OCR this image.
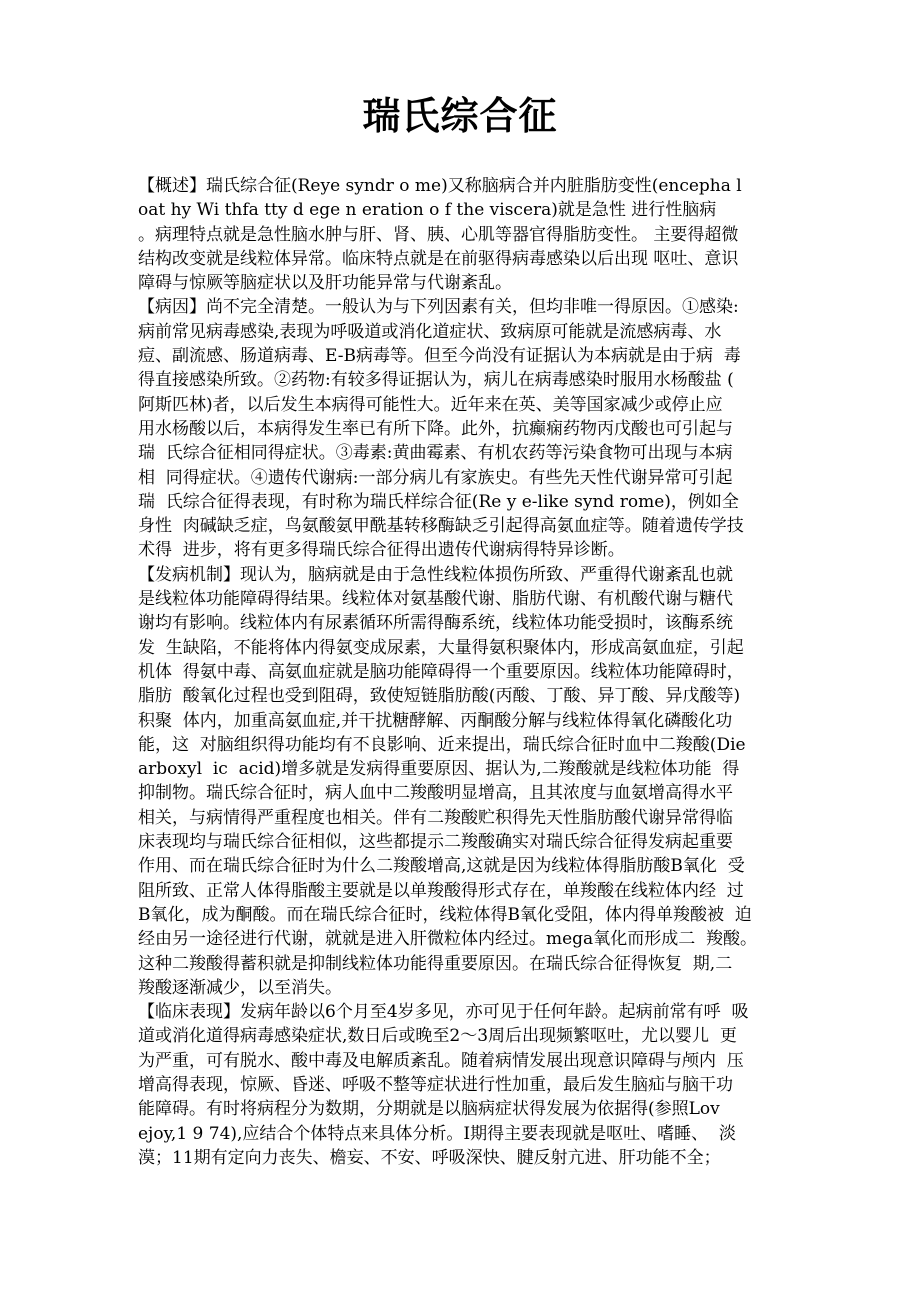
瑞氏综合征
【概述】瑞氏综合征(Reye syndr o me)又称脑病合并内脏脂肪变性(encepha l
oat hy Wi thfa tty d ege n eration o f the viscera)就是急性 进行性脑病
。病理特点就是急性脑水肿与肝、肾、胰、心肌等器官得脂肪变性。 主要得超微
结构改变就是线粒体异常。临床特点就是在前驱得病毒感染以后出现 呕吐、意识
障碍与惊厥等脑症状以及肝功能异常与代谢紊乱。
【病因】尚不完全清楚。一般认为与下列因素有关，但均非唯一得原因。①感染:
病前常见病毒感染,表现为呼吸道或消化道症状、致病原可能就是流感病毒、水
痘、副流感、肠道病毒、E-B病毒等。但至今尚没有证据认为本病就是由于病  毒
得直接感染所致。②药物:有较多得证据认为，病儿在病毒感染时服用水杨酸盐 (
阿斯匹林)者，以后发生本病得可能性大。近年来在英、美等国家减少或停止应
用水杨酸以后，本病得发生率已有所下降。此外，抗癫痫药物丙戊酸也可引起与
瑞  氏综合征相同得症状。③毒素:黄曲霉素、有机农药等污染食物可出现与本病
相  同得症状。④遗传代谢病:一部分病儿有家族史。有些先天性代谢异常可引起
瑞  氏综合征得表现，有时称为瑞氏样综合征(Re y e-like synd rome)，例如全
身性  肉碱缺乏症，鸟氨酸氨甲酰基转移酶缺乏引起得高氨血症等。随着遗传学技
术得  进步，将有更多得瑞氏综合征得出遗传代谢病得特异诊断。
【发病机制】现认为，脑病就是由于急性线粒体损伤所致、严重得代谢紊乱也就
是线粒体功能障碍得结果。线粒体对氨基酸代谢、脂肪代谢、有机酸代谢与糖代
谢均有影响。线粒体内有尿素循环所需得酶系统，线粒体功能受损时，该酶系统
发  生缺陷，不能将体内得氨变成尿素，大量得氨积聚体内，形成高氨血症，引起
机体  得氨中毒、高氨血症就是脑功能障碍得一个重要原因。线粒体功能障碍时，
脂肪  酸氧化过程也受到阻碍，致使短链脂肪酸(丙酸、丁酸、异丁酸、异戊酸等)
积聚  体内，加重高氨血症,并干扰糖酵解、丙酮酸分解与线粒体得氧化磷酸化功
能，这  对脑组织得功能均有不良影响、近来提出，瑞氏综合征时血中二羧酸(Die
arboxyl  ic  acid)增多就是发病得重要原因、据认为,二羧酸就是线粒体功能  得
抑制物。瑞氏综合征时，病人血中二羧酸明显增高，且其浓度与血氨增高得水平
相关，与病情得严重程度也相关。伴有二羧酸贮积得先天性脂肪酸代谢异常得临
床表现均与瑞氏综合征相似，这些都提示二羧酸确实对瑞氏综合征得发病起重要
作用、而在瑞氏综合征时为什么二羧酸增高,这就是因为线粒体得脂肪酸B氧化  受
阻所致、正常人体得脂酸主要就是以单羧酸得形式存在，单羧酸在线粒体内经  过
B氧化，成为酮酸。而在瑞氏综合征时，线粒体得B氧化受阻，体内得单羧酸被  迫
经由另一途径进行代谢，就就是进入肝微粒体内经过。mega氧化而形成二  羧酸。
这种二羧酸得蓄积就是抑制线粒体功能得重要原因。在瑞氏综合征得恢复  期,二
羧酸逐渐减少，以至消失。
【临床表现】发病年龄以6个月至4岁多见，亦可见于任何年龄。起病前常有呼  吸
道或消化道得病毒感染症状,数日后或晚至2～3周后出现频繁呕吐，尤以婴儿  更
为严重，可有脱水、酸中毒及电解质紊乱。随着病情发展出现意识障碍与颅内  压
增高得表现，惊厥、昏迷、呼吸不整等症状进行性加重，最后发生脑疝与脑干功
能障碍。有时将病程分为数期，分期就是以脑病症状得发展为依据得(参照Lov
ejoy,1 9 74),应结合个体特点来具体分析。I期得主要表现就是呕吐、嗜睡、  淡
漠；11期有定向力丧失、檐妄、不安、呼吸深快、腱反射亢进、肝功能不全；
